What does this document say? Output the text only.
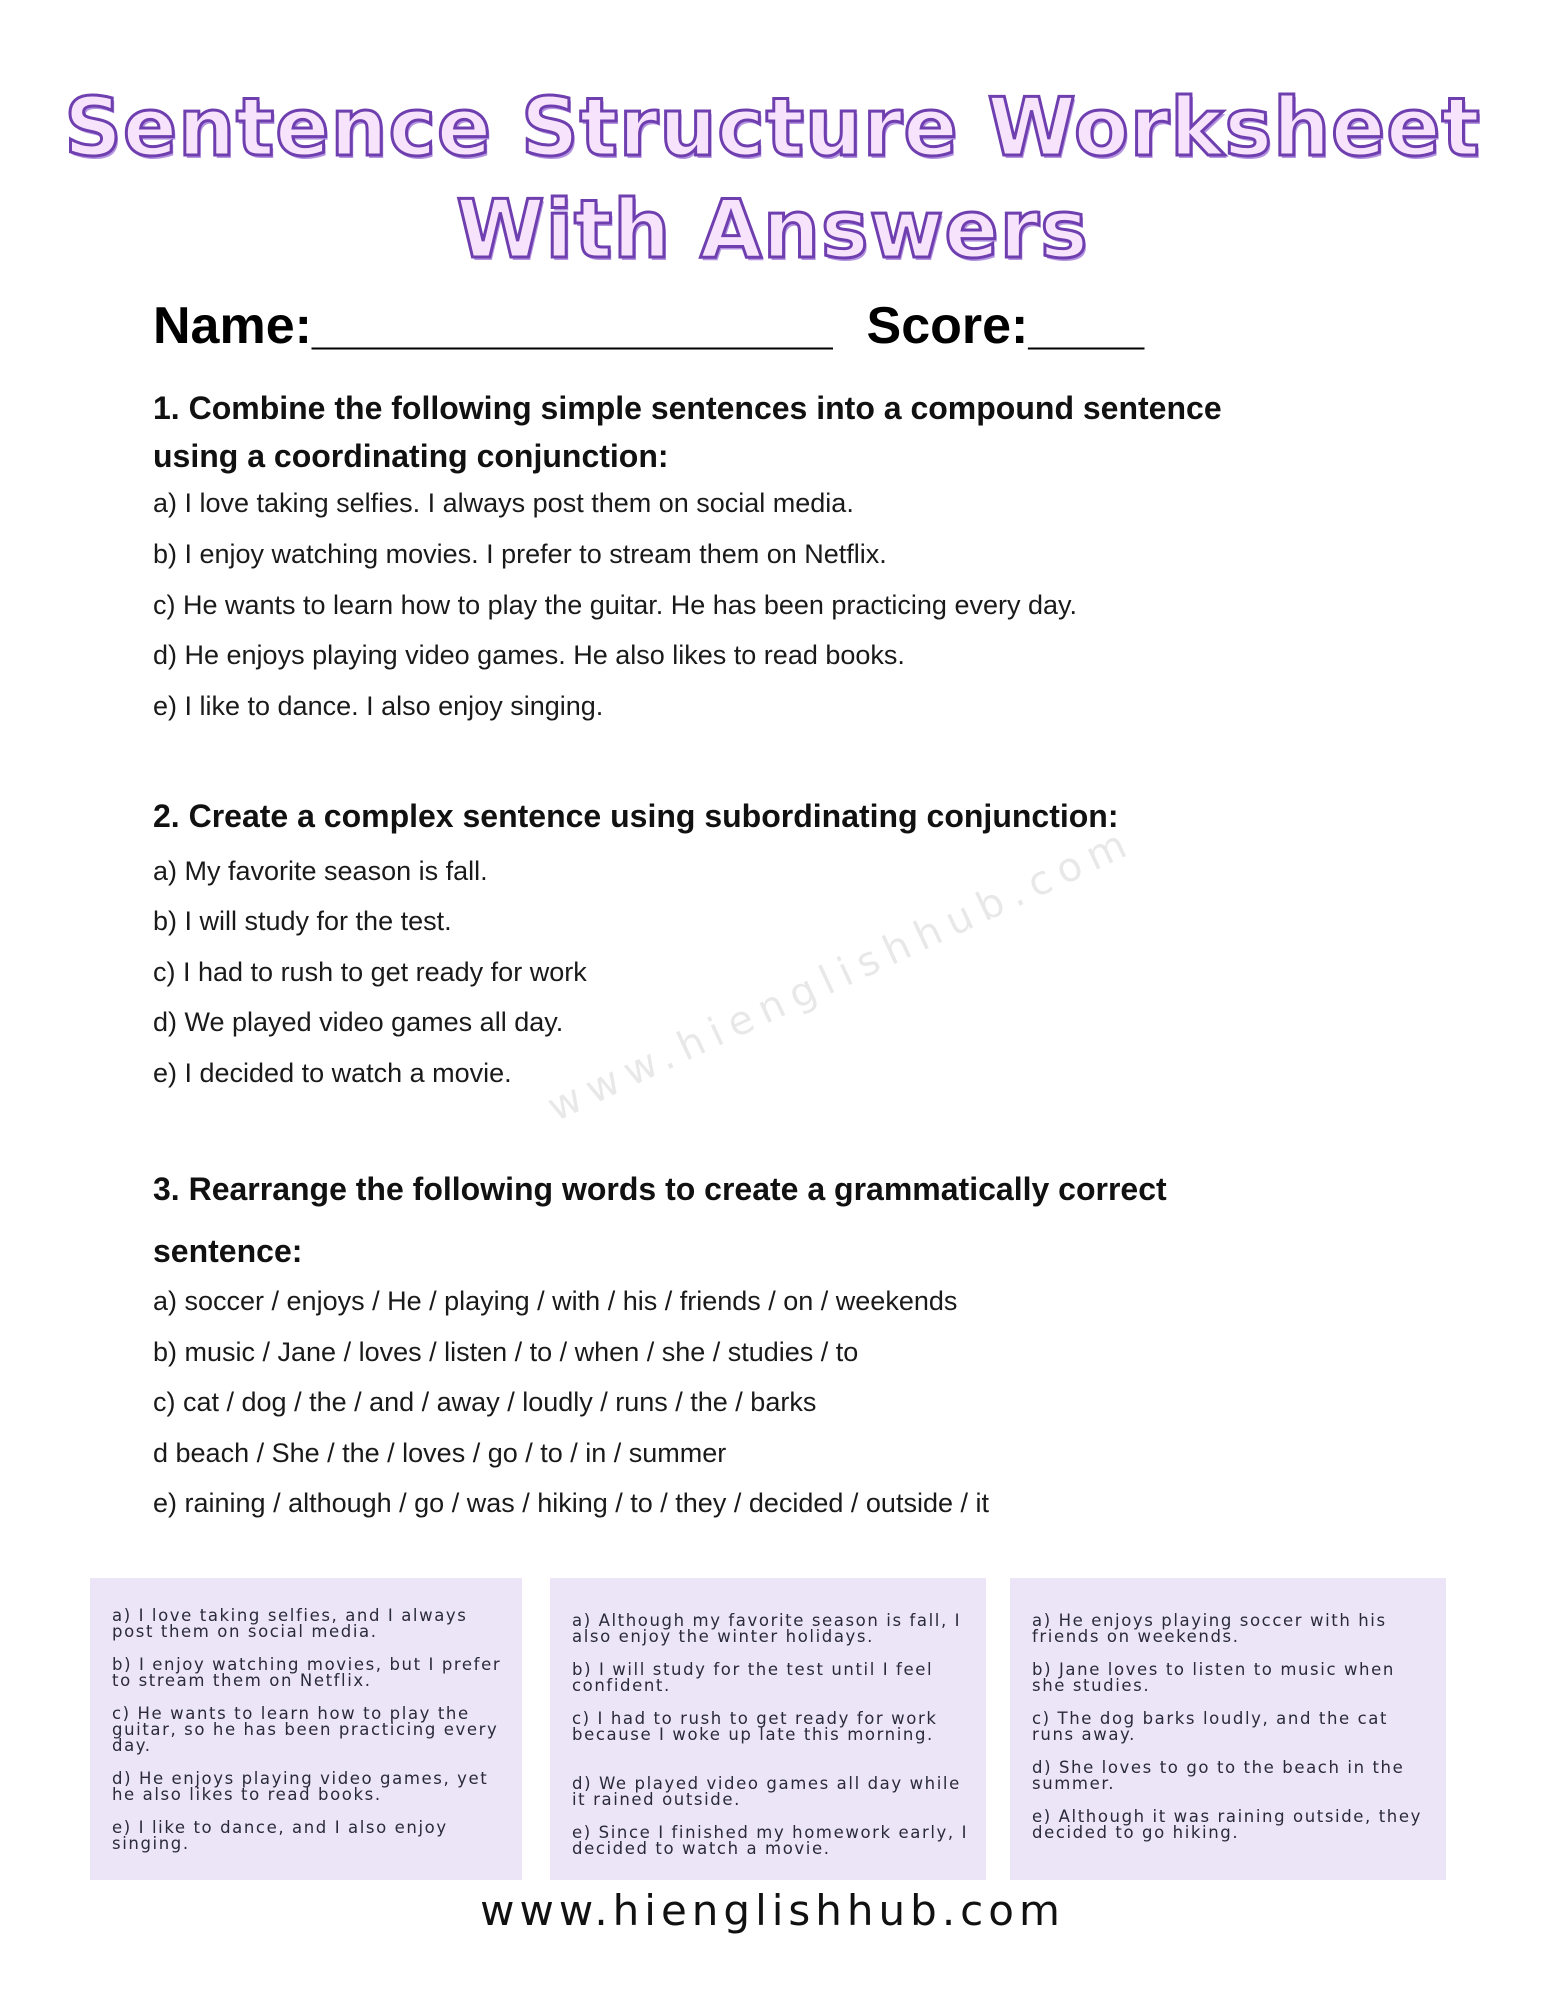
Sentence Structure Worksheet
With Answers
Name:__________________ Score:____
www.hienglishhub.com
1. Combine the following simple sentences into a compound sentence
using a coordinating conjunction:
a) I love taking selfies. I always post them on social media.
b) I enjoy watching movies. I prefer to stream them on Netflix.
c) He wants to learn how to play the guitar. He has been practicing every day.
d) He enjoys playing video games. He also likes to read books.
e) I like to dance. I also enjoy singing.
2. Create a complex sentence using subordinating conjunction:
a) My favorite season is fall.
b) I will study for the test.
c) I had to rush to get ready for work
d) We played video games all day.
e) I decided to watch a movie.
3. Rearrange the following words to create a grammatically correct
sentence:
a) soccer / enjoys / He / playing / with / his / friends / on / weekends
b) music / Jane / loves / listen / to / when / she / studies / to
c) cat / dog / the / and / away / loudly / runs / the / barks
d beach / She / the / loves / go / to / in / summer
e) raining / although / go / was / hiking / to / they / decided / outside / it
a) I love taking selfies, and I always post them on social media.
b) I enjoy watching movies, but I prefer to stream them on Netflix.
c) He wants to learn how to play the guitar, so he has been practicing every day.
d) He enjoys playing video games, yet he also likes to read books.
e) I like to dance, and I also enjoy singing.
a) Although my favorite season is fall, I also enjoy the winter holidays.
b) I will study for the test until I feel confident.
c) I had to rush to get ready for work because I woke up late this morning.
d) We played video games all day while it rained outside.
e) Since I finished my homework early, I decided to watch a movie.
a) He enjoys playing soccer with his friends on weekends.
b) Jane loves to listen to music when she studies.
c) The dog barks loudly, and the cat runs away.
d) She loves to go to the beach in the summer.
e) Although it was raining outside, they decided to go hiking.
www.hienglishhub.com
